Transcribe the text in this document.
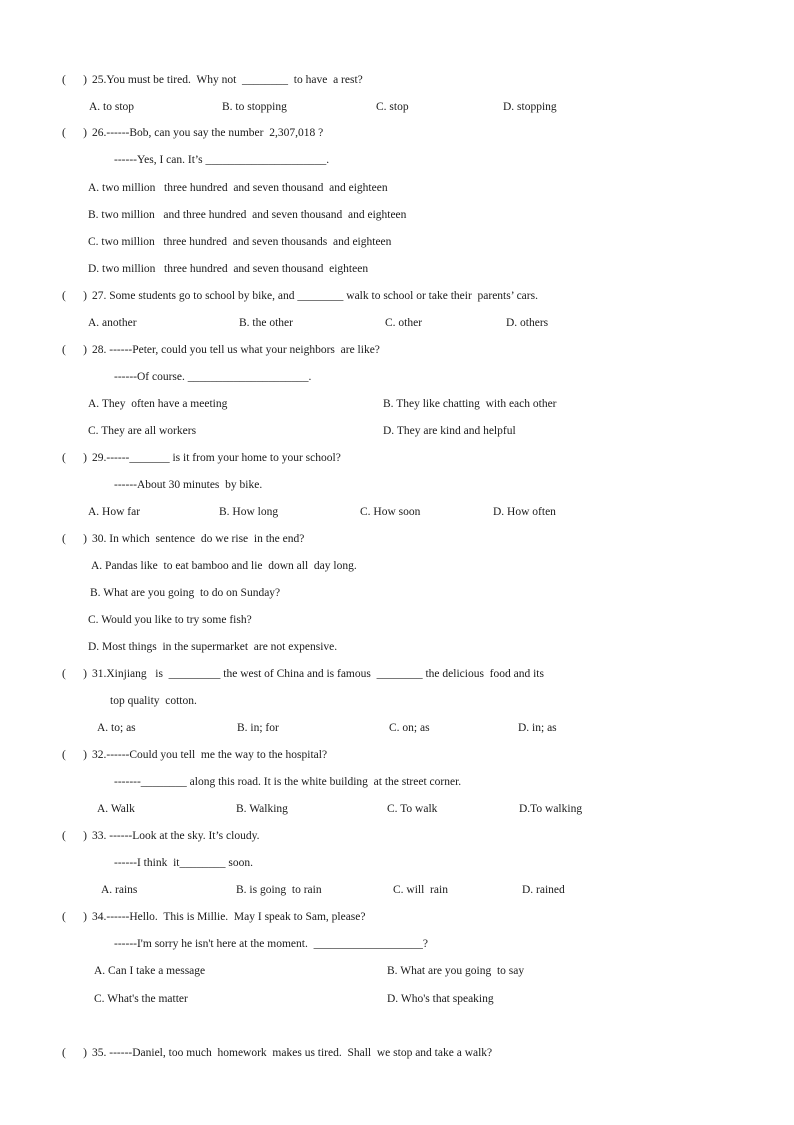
(      ) 25.You must be tired.  Why not  ________  to have  a rest?
A. to stop	B. to stopping	C. stop	D. stopping
(      ) 26.------Bob, can you say the number  2,307,018 ?
------Yes, I can. It’s _____________________.
A. two million   three hundred  and seven thousand  and eighteen
B. two million   and three hundred  and seven thousand  and eighteen
C. two million   three hundred  and seven thousands  and eighteen
D. two million   three hundred  and seven thousand  eighteen
(      ) 27. Some students go to school by bike, and ________ walk to school or take their  parents’ cars.
A. another	B. the other	C. other	D. others
(      ) 28. ------Peter, could you tell us what your neighbors  are like?
------Of course. _____________________.
A. They  often have a meeting	B. They like chatting  with each other
C. They are all workers	D. They are kind and helpful
(      ) 29.------_______ is it from your home to your school?
------About 30 minutes  by bike.
A. How far	B. How long	C. How soon	D. How often
(      ) 30. In which  sentence  do we rise  in the end?
A. Pandas like  to eat bamboo and lie  down all  day long.
B. What are you going  to do on Sunday?
C. Would you like to try some fish?
D. Most things  in the supermarket  are not expensive.
(      ) 31.Xinjiang   is  _________ the west of China and is famous  ________ the delicious  food and its
top quality  cotton.
A. to; as	B. in; for	C. on; as	D. in; as
(      ) 32.------Could you tell  me the way to the hospital?
-------________ along this road. It is the white building  at the street corner.
A. Walk	B. Walking	C. To walk	D.To walking
(      ) 33. ------Look at the sky. It’s cloudy.
------I think  it________ soon.
A. rains	B. is going  to rain	C. will  rain	D. rained
(      ) 34.------Hello.  This is Millie.  May I speak to Sam, please?
------I'm sorry he isn't here at the moment.  ___________________?
A. Can I take a message	B. What are you going  to say
C. What's the matter	D. Who's that speaking
(      ) 35. ------Daniel, too much  homework  makes us tired.  Shall  we stop and take a walk?
